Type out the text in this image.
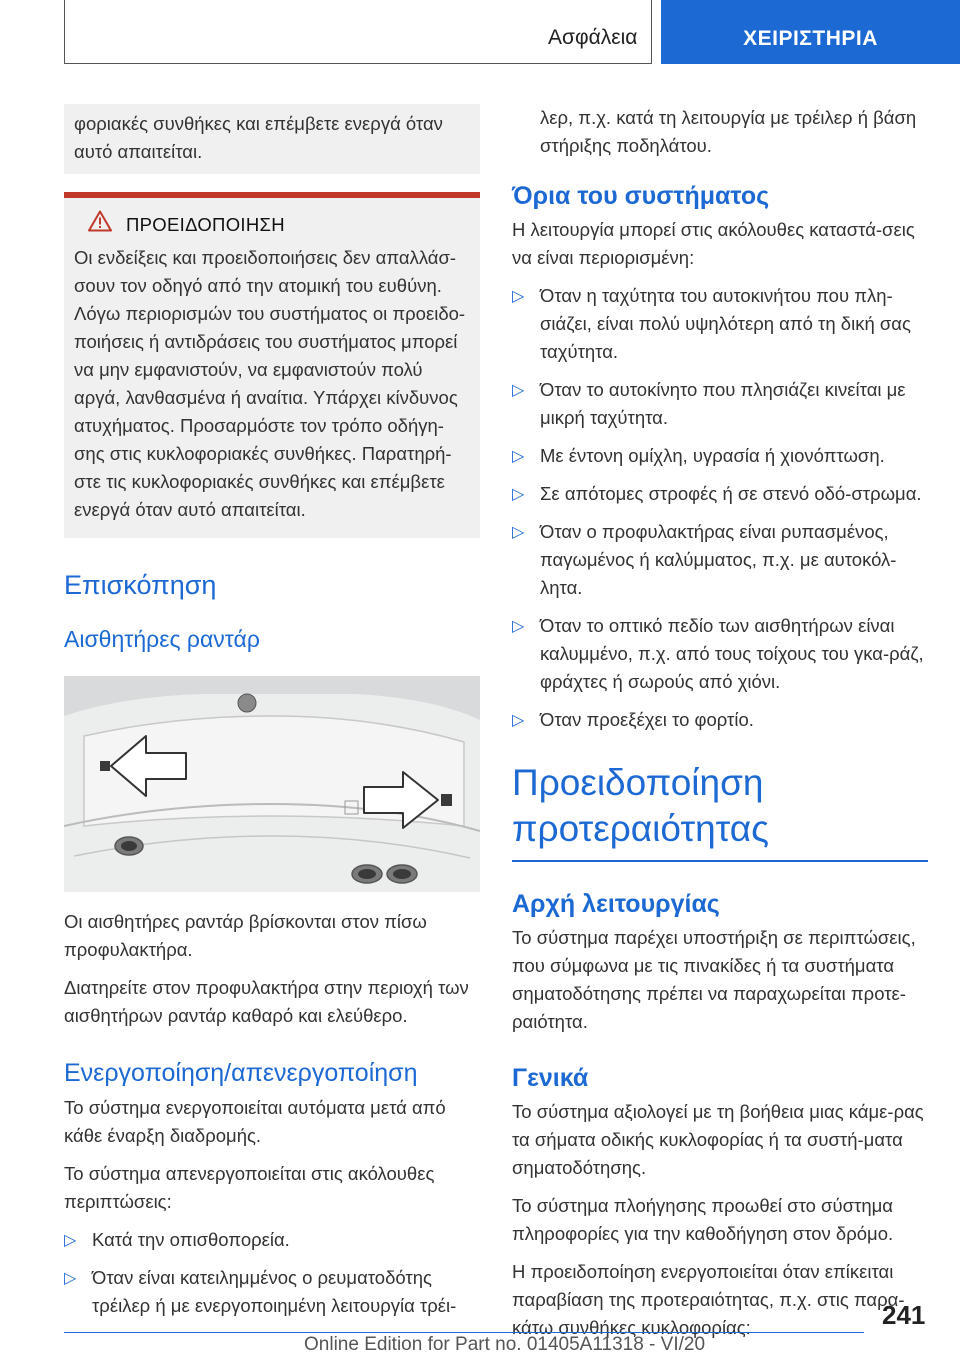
Ασφάλεια	ΧΕΙΡΙΣΤΗΡΙΑ
φοριακές συνθήκες και επέμβετε ενεργά όταν αυτό απαιτείται.
ΠΡΟΕΙΔΟΠΟΙΗΣΗ
Οι ενδείξεις και προειδοποιήσεις δεν απαλλάσ-σουν τον οδηγό από την ατομική του ευθύνη. Λόγω περιορισμών του συστήματος οι προειδο-ποιήσεις ή αντιδράσεις του συστήματος μπορεί να μην εμφανιστούν, να εμφανιστούν πολύ αργά, λανθασμένα ή αναίτια. Υπάρχει κίνδυνος ατυχήματος. Προσαρμόστε τον τρόπο οδήγη-σης στις κυκλοφοριακές συνθήκες. Παρατηρή-στε τις κυκλοφοριακές συνθήκες και επέμβετε ενεργά όταν αυτό απαιτείται.
Επισκόπηση
Αισθητήρες ραντάρ

Οι αισθητήρες ραντάρ βρίσκονται στον πίσω προφυλακτήρα.

Διατηρείτε στον προφυλακτήρα στην περιοχή των αισθητήρων ραντάρ καθαρό και ελεύθερο.

Ενεργοποίηση/απενεργοποίηση

Το σύστημα ενεργοποιείται αυτόματα μετά από κάθε έναρξη διαδρομής.

Το σύστημα απενεργοποιείται στις ακόλουθες περιπτώσεις:

▷ Κατά την οπισθοπορεία.
▷ Όταν είναι κατειλημμένος ο ρευματοδότης τρέιλερ ή με ενεργοποιημένη λειτουργία τρέι-

λερ, π.χ. κατά τη λειτουργία με τρέιλερ ή βάση στήριξης ποδηλάτου.

Όρια του συστήματος

Η λειτουργία μπορεί στις ακόλουθες καταστά-σεις να είναι περιορισμένη:

▷ Όταν η ταχύτητα του αυτοκινήτου που πλη-σιάζει, είναι πολύ υψηλότερη από τη δική σας ταχύτητα.
▷ Όταν το αυτοκίνητο που πλησιάζει κινείται με μικρή ταχύτητα.
▷ Με έντονη ομίχλη, υγρασία ή χιονόπτωση.
▷ Σε απότομες στροφές ή σε στενό οδό-στρωμα.
▷ Όταν ο προφυλακτήρας είναι ρυπασμένος, παγωμένος ή καλύμματος, π.χ. με αυτοκόλ-λητα.
▷ Όταν το οπτικό πεδίο των αισθητήρων είναι καλυμμένο, π.χ. από τους τοίχους του γκα-ράζ, φράχτες ή σωρούς από χιόνι.
▷ Όταν προεξέχει το φορτίο.
Προειδοποίηση προτεραιότητας
Αρχή λειτουργίας

Το σύστημα παρέχει υποστήριξη σε περιπτώσεις, που σύμφωνα με τις πινακίδες ή τα συστήματα σηματοδότησης πρέπει να παραχωρείται προτε-ραιότητα.

Γενικά

Το σύστημα αξιολογεί με τη βοήθεια μιας κάμε-ρας τα σήματα οδικής κυκλοφορίας ή τα συστή-ματα σηματοδότησης.

Το σύστημα πλοήγησης προωθεί στο σύστημα πληροφορίες για την καθοδήγηση στον δρόμο.

Η προειδοποίηση ενεργοποιείται όταν επίκειται παραβίαση της προτεραιότητας, π.χ. στις παρα-κάτω συνθήκες κυκλοφορίας:	241
Online Edition for Part no. 01405A11318 - VI/20
